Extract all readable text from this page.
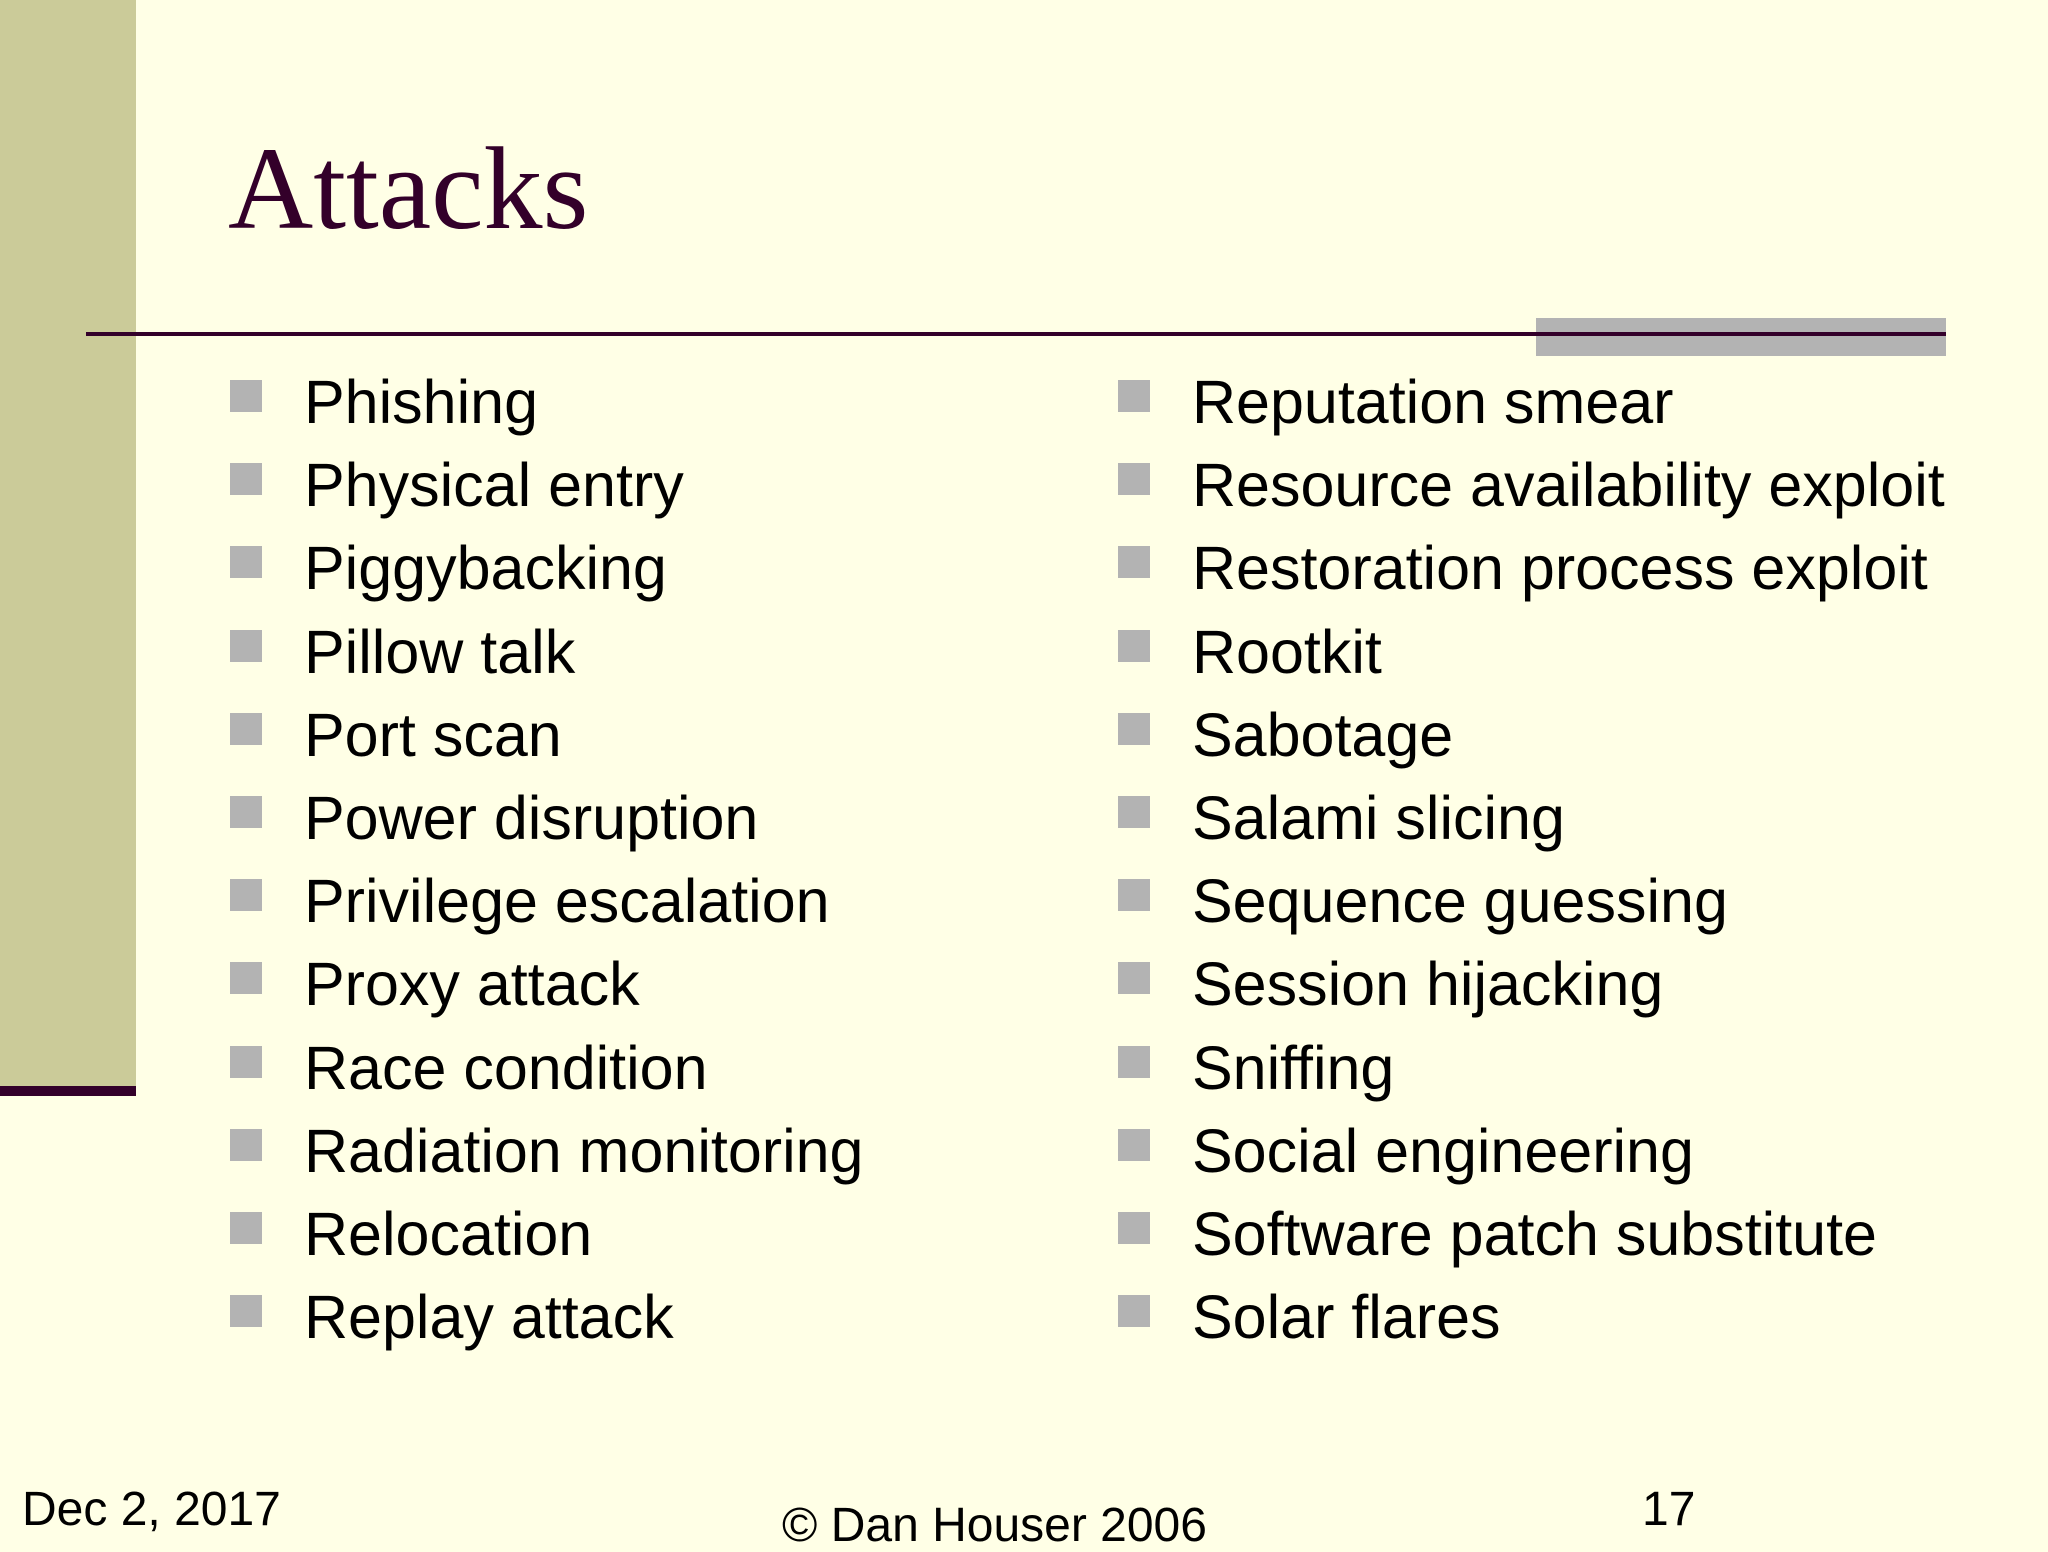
Attacks
Phishing
Physical entry
Piggybacking
Pillow talk
Port scan
Power disruption
Privilege escalation
Proxy attack
Race condition
Radiation monitoring
Relocation
Replay attack
Reputation smear
Resource availability exploit
Restoration process exploit
Rootkit
Sabotage
Salami slicing
Sequence guessing
Session hijacking
Sniffing
Social engineering
Software patch substitute
Solar flares
Dec 2, 2017	© Dan Houser 2006	17
